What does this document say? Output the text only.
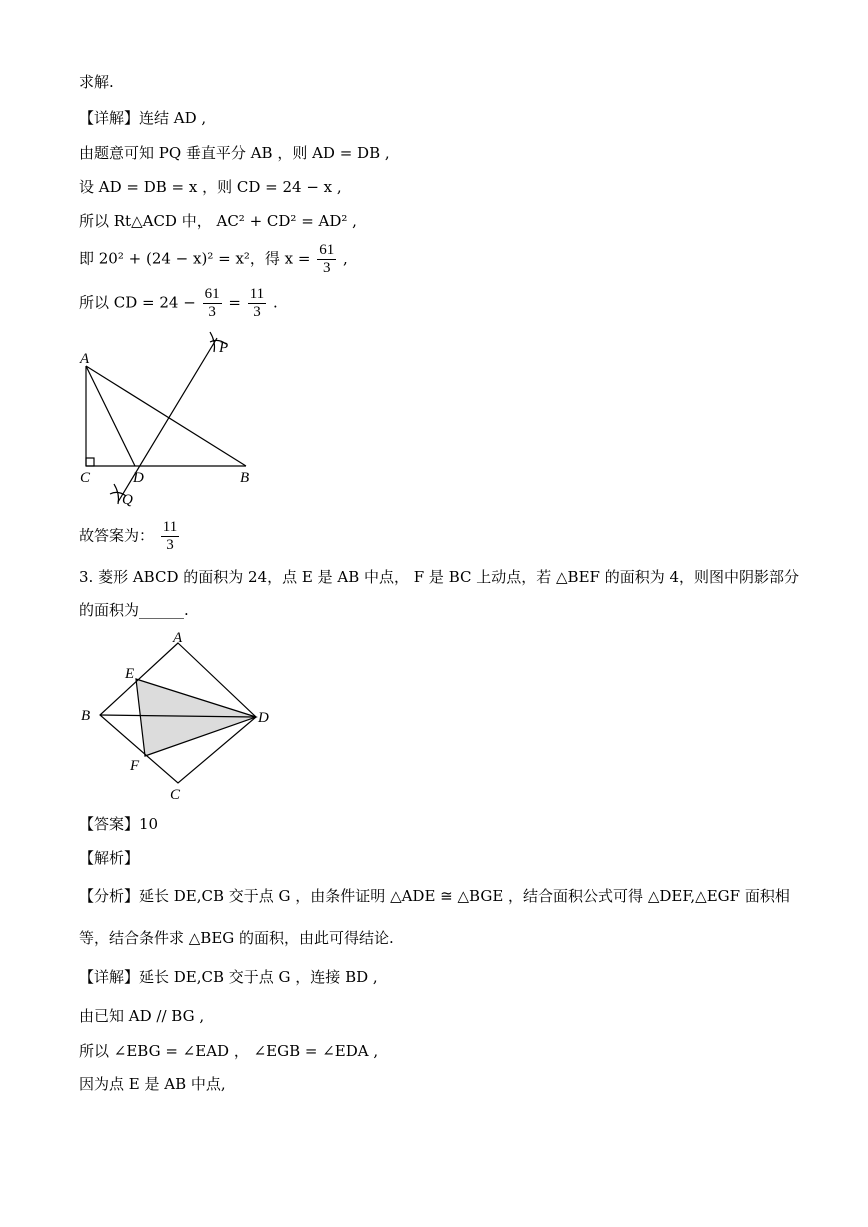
求解.
【详解】连结 AD ,
由题意可知 PQ 垂直平分 AB ，则 AD = DB ,
设 AD = DB = x ，则 CD = 24 − x ,
所以 Rt△ACD 中， AC² + CD² = AD² ,
即 20² + (24 − x)² = x²，得 $x = \frac{61}{3}$ ,
所以 CD = $24 - \frac{61}{3} = \frac{11}{3}$ .
A
P
C	D	B
Q
故答案为： $\frac{11}{3}$
3. 菱形 ABCD 的面积为 24，点 E 是 AB 中点， F 是 BC 上动点，若 △BEF 的面积为 4，则图中阴影部分
的面积为______.
A
E
B	D
F
C
【答案】10
【解析】
【分析】延长 DE,CB 交于点 G ，由条件证明 △ADE ≅ △BGE ，结合面积公式可得 △DEF,△EGF 面积相
等，结合条件求 △BEG 的面积，由此可得结论.
【详解】延长 DE,CB 交于点 G ，连接 BD ,
由已知 AD // BG ,
所以 ∠EBG = ∠EAD ， ∠EGB = ∠EDA ,
因为点 E 是 AB 中点,
